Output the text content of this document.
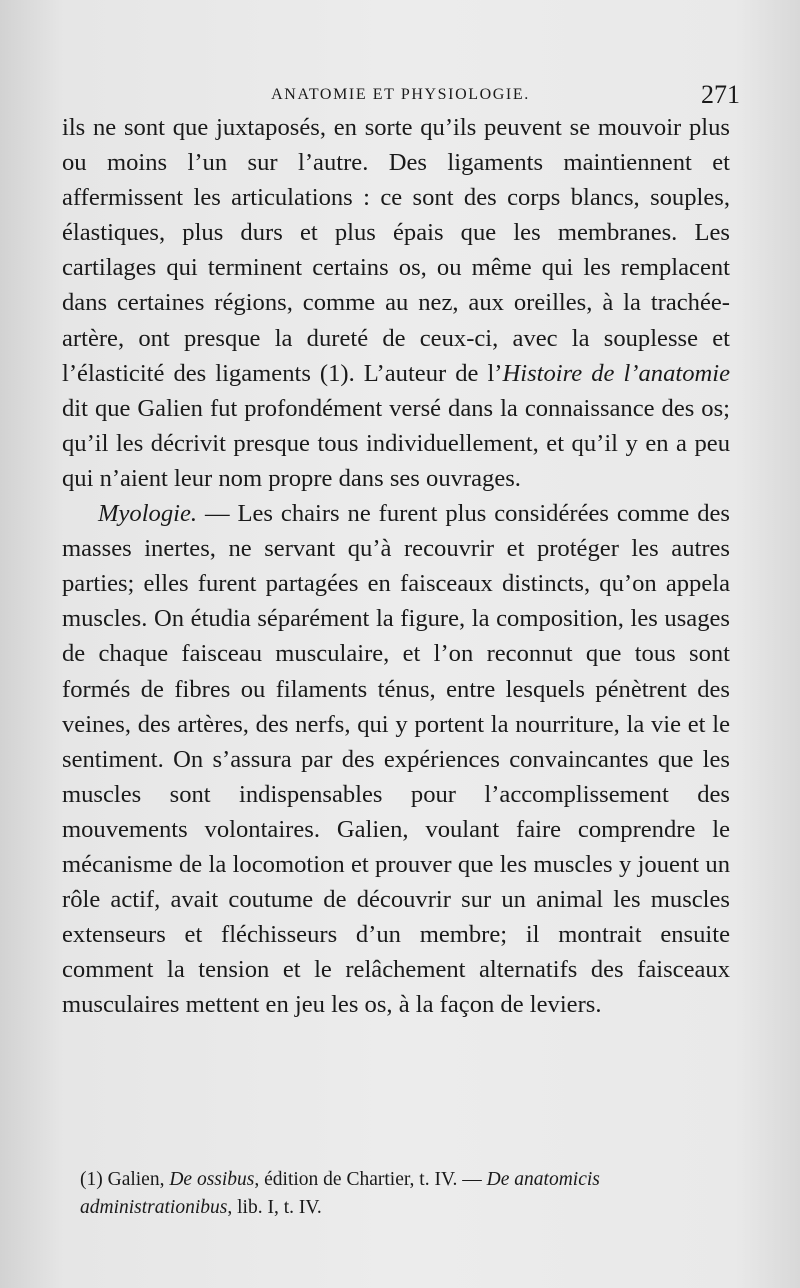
ANATOMIE ET PHYSIOLOGIE.	271

ils ne sont que juxtaposés, en sorte qu’ils peuvent se mouvoir plus ou moins l’un sur l’autre. Des ligaments maintiennent et affermissent les articulations : ce sont des corps blancs, souples, élastiques, plus durs et plus épais que les membranes. Les cartilages qui terminent certains os, ou même qui les remplacent dans certaines régions, comme au nez, aux oreilles, à la trachée-artère, ont presque la dureté de ceux-ci, avec la souplesse et l’élasticité des ligaments (1). L’auteur de l’Histoire de l’anatomie dit que Galien fut profondément versé dans la connaissance des os; qu’il les décrivit presque tous individuellement, et qu’il y en a peu qui n’aient leur nom propre dans ses ouvrages.

Myologie. — Les chairs ne furent plus considérées comme des masses inertes, ne servant qu’à recouvrir et protéger les autres parties; elles furent partagées en faisceaux distincts, qu’on appela muscles. On étudia séparément la figure, la composition, les usages de chaque faisceau musculaire, et l’on reconnut que tous sont formés de fibres ou filaments ténus, entre lesquels pénètrent des veines, des artères, des nerfs, qui y portent la nourriture, la vie et le sentiment. On s’assura par des expériences convaincantes que les muscles sont indispensables pour l’accomplissement des mouvements volontaires. Galien, voulant faire comprendre le mécanisme de la locomotion et prouver que les muscles y jouent un rôle actif, avait coutume de découvrir sur un animal les muscles extenseurs et fléchisseurs d’un membre; il montrait ensuite comment la tension et le relâchement alternatifs des faisceaux musculaires mettent en jeu les os, à la façon de leviers.

(1) Galien, De ossibus, édition de Chartier, t. IV. — De anatomicis administrationibus, lib. I, t. IV.
